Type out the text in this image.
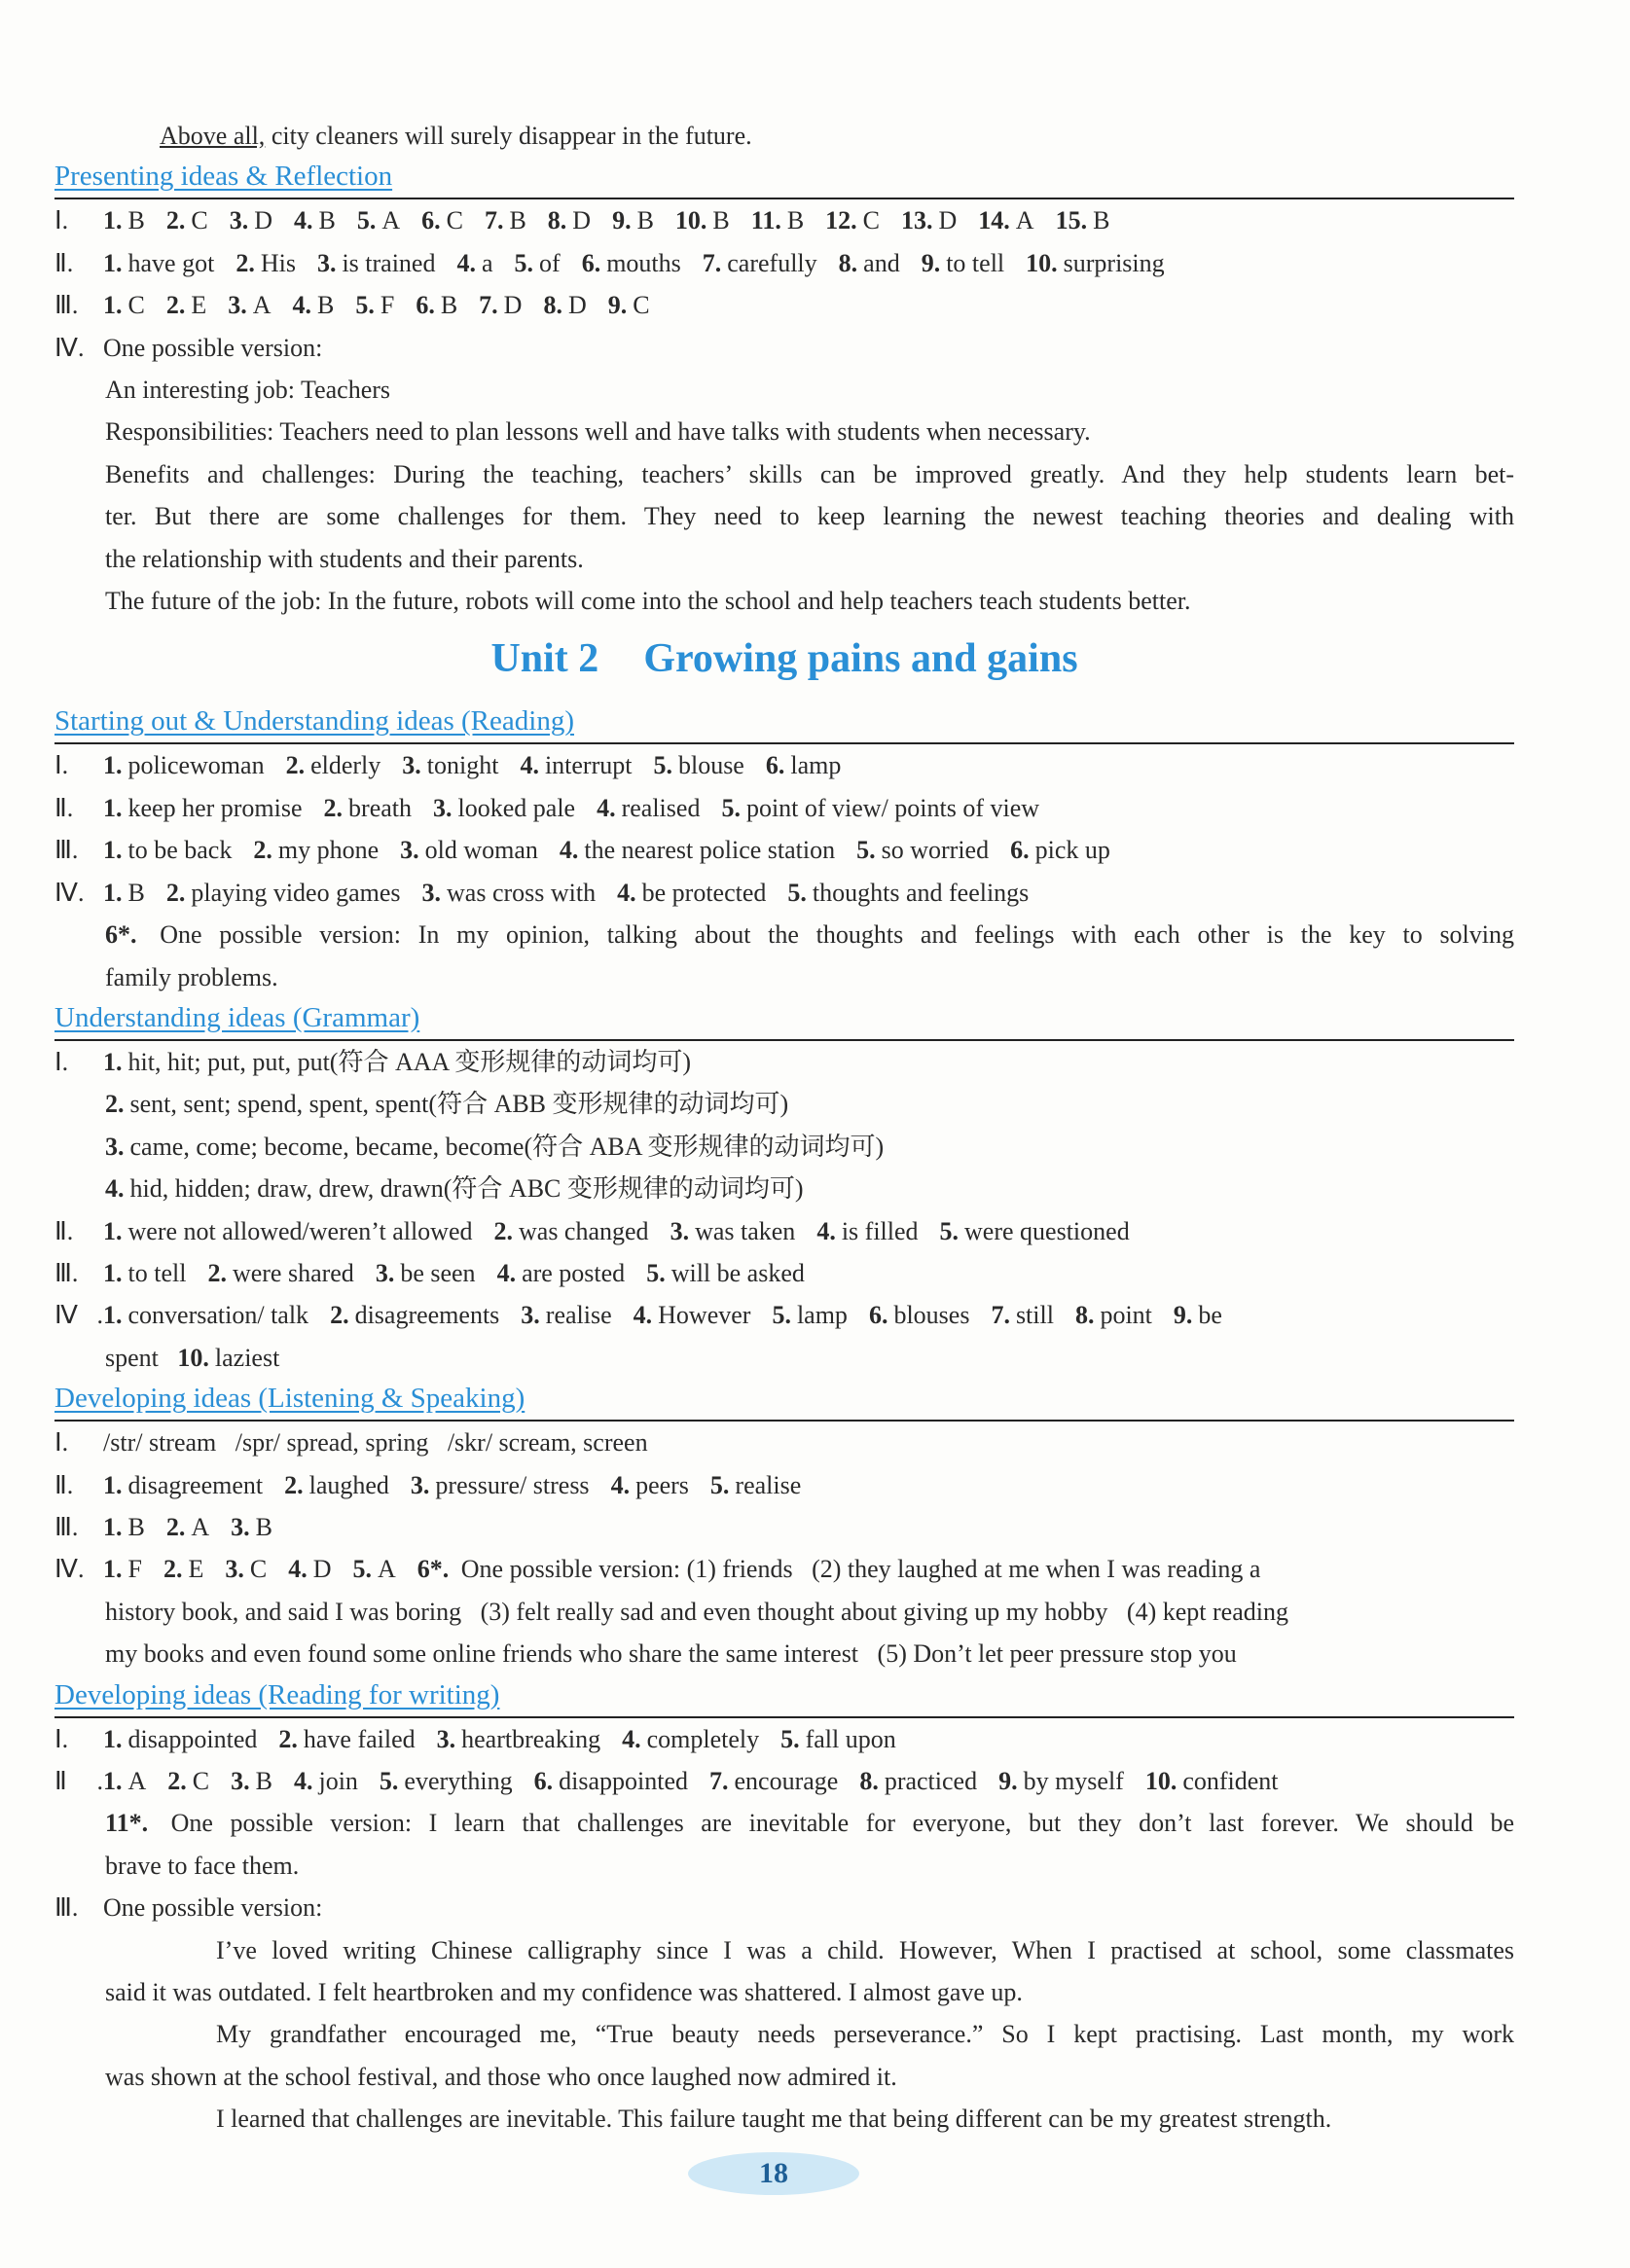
Above all, city cleaners will surely disappear in the future.
Presenting ideas & Reflection
Ⅰ. 1. B 2. C 3. D 4. B 5. A 6. C 7. B 8. D 9. B 10. B 11. B 12. C 13. D 14. A 15. B
Ⅱ. 1. have got 2. His 3. is trained 4. a 5. of 6. mouths 7. carefully 8. and 9. to tell 10. surprising
Ⅲ. 1. C 2. E 3. A 4. B 5. F 6. B 7. D 8. D 9. C
Ⅳ. One possible version:
An interesting job: Teachers
Responsibilities: Teachers need to plan lessons well and have talks with students when necessary.
Benefits and challenges: During the teaching, teachers’ skills can be improved greatly. And they help students learn bet-
ter. But there are some challenges for them. They need to keep learning the newest teaching theories and dealing with
the relationship with students and their parents.
The future of the job: In the future, robots will come into the school and help teachers teach students better.
Unit 2 Growing pains and gains
Starting out & Understanding ideas (Reading)
Ⅰ. 1. policewoman 2. elderly 3. tonight 4. interrupt 5. blouse 6. lamp
Ⅱ. 1. keep her promise 2. breath 3. looked pale 4. realised 5. point of view/ points of view
Ⅲ. 1. to be back 2. my phone 3. old woman 4. the nearest police station 5. so worried 6. pick up
Ⅳ. 1. B 2. playing video games 3. was cross with 4. be protected 5. thoughts and feelings
6*. One possible version: In my opinion, talking about the thoughts and feelings with each other is the key to solving
family problems.
Understanding ideas (Grammar)
Ⅰ. 1. hit, hit; put, put, put(符合 AAA 变形规律的动词均可)
2. sent, sent; spend, spent, spent(符合 ABB 变形规律的动词均可)
3. came, come; become, became, become(符合 ABA 变形规律的动词均可)
4. hid, hidden; draw, drew, drawn(符合 ABC 变形规律的动词均可)
Ⅱ. 1. were not allowed/weren’t allowed 2. was changed 3. was taken 4. is filled 5. were questioned
Ⅲ. 1. to tell 2. were shared 3. be seen 4. are posted 5. will be asked
Ⅳ.1. conversation/ talk 2. disagreements 3. realise 4. However 5. lamp 6. blouses 7. still 8. point 9. be
spent 10. laziest
Developing ideas (Listening & Speaking)
Ⅰ. /str/ stream   /spr/ spread, spring   /skr/ scream, screen
Ⅱ. 1. disagreement 2. laughed 3. pressure/ stress 4. peers 5. realise
Ⅲ. 1. B 2. A 3. B
Ⅳ. 1. F 2. E 3. C 4. D 5. A 6*. One possible version: (1) friends   (2) they laughed at me when I was reading a
history book, and said I was boring   (3) felt really sad and even thought about giving up my hobby   (4) kept reading
my books and even found some online friends who share the same interest   (5) Don’t let peer pressure stop you
Developing ideas (Reading for writing)
Ⅰ. 1. disappointed 2. have failed 3. heartbreaking 4. completely 5. fall upon
Ⅱ.1. A 2. C 3. B 4. join 5. everything 6. disappointed 7. encourage 8. practiced 9. by myself 10. confident
11*. One possible version: I learn that challenges are inevitable for everyone, but they don’t last forever. We should be
brave to face them.
Ⅲ. One possible version:
I’ve loved writing Chinese calligraphy since I was a child. However, When I practised at school, some classmates
said it was outdated. I felt heartbroken and my confidence was shattered. I almost gave up.
My grandfather encouraged me, “True beauty needs perseverance.” So I kept practising. Last month, my work
was shown at the school festival, and those who once laughed now admired it.
I learned that challenges are inevitable. This failure taught me that being different can be my greatest strength.
18
